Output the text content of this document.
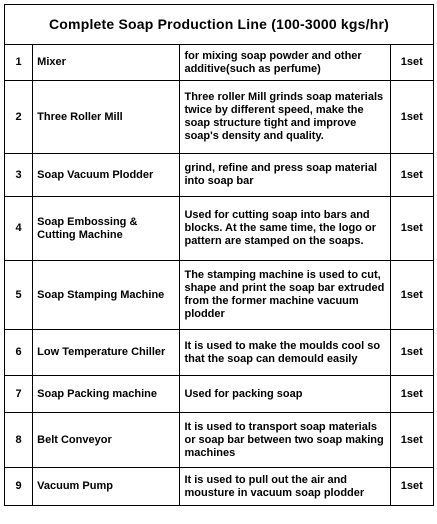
Complete Soap Production Line (100-3000 kgs/hr)			
1	Mixer	for mixing soap powder and other additive(such as perfume)	1set
2	Three Roller Mill	Three roller Mill grinds soap materials twice by different speed, make the soap structure tight and improve soap's density and quality.	1set
3	Soap Vacuum Plodder	grind, refine and press soap material into soap bar	1set
4	Soap Embossing & Cutting Machine	Used for cutting soap into bars and blocks. At the same time, the logo or pattern are stamped on the soaps.	1set
5	Soap Stamping Machine	The stamping machine is used to cut, shape and print the soap bar extruded from the former machine vacuum plodder	1set
6	Low Temperature Chiller	It is used to make the moulds cool so that the soap can demould easily	1set
7	Soap Packing machine	Used for packing soap	1set
8	Belt Conveyor	It is used to transport soap materials or soap bar between two soap making machines	1set
9	Vacuum Pump	It is used to pull out the air and mousture in vacuum soap plodder	1set
